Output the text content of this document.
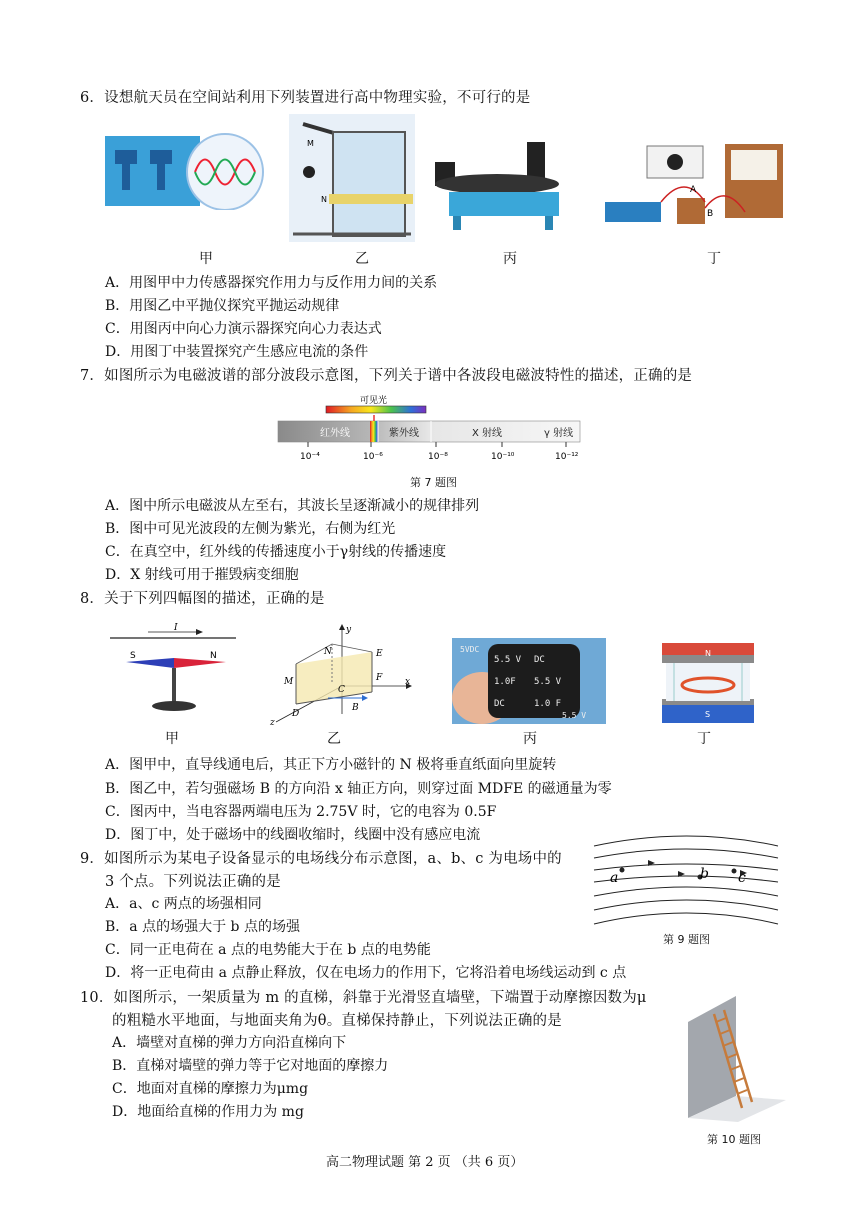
6．设想航天员在空间站利用下列装置进行高中物理实验，不可行的是
M
N
A
B
甲	乙	丙	丁
A．用图甲中力传感器探究作用力与反作用力间的关系
B．用图乙中平抛仪探究平抛运动规律
C．用图丙中向心力演示器探究向心力表达式
D．用图丁中装置探究产生感应电流的条件
7．如图所示为电磁波谱的部分波段示意图，下列关于谱中各波段电磁波特性的描述，正确的是
可见光
红外线	紫外线	X 射线	γ 射线
10⁻⁴	10⁻⁶	10⁻⁸	10⁻¹⁰	10⁻¹²
第 7 题图
A．图中所示电磁波从左至右，其波长呈逐渐减小的规律排列
B．图中可见光波段的左侧为紫光，右侧为红光
C．在真空中，红外线的传播速度小于γ射线的传播速度
D．X 射线可用于摧毁病变细胞
8．关于下列四幅图的描述，正确的是
I
S	N
y
x
z
N	E
M
C
F
D
B
5.5 V DC
1.0F 5.5 V
DC	1.0 F
5VDC
5.5 V
N
S
甲	乙	丙	丁
A．图甲中，直导线通电后，其正下方小磁针的 N 极将垂直纸面向里旋转
B．图乙中，若匀强磁场 B 的方向沿 x 轴正方向，则穿过面 MDFE 的磁通量为零
C．图丙中，当电容器两端电压为 2.75V 时，它的电容为 0.5F
D．图丁中，处于磁场中的线圈收缩时，线圈中没有感应电流
9．如图所示为某电子设备显示的电场线分布示意图，a、b、c 为电场中的
3 个点。下列说法正确的是	a	b c
第 9 题图
A．a、c 两点的场强相同
B．a 点的场强大于 b 点的场强
C．同一正电荷在 a 点的电势能大于在 b 点的电势能
D．将一正电荷由 a 点静止释放，仅在电场力的作用下，它将沿着电场线运动到 c 点
10．如图所示，一架质量为 m 的直梯，斜靠于光滑竖直墙壁，下端置于动摩擦因数为μ
的粗糙水平地面，与地面夹角为θ。直梯保持静止，下列说法正确的是
A．墙壁对直梯的弹力方向沿直梯向下
B．直梯对墙壁的弹力等于它对地面的摩擦力
C．地面对直梯的摩擦力为μmg
D．地面给直梯的作用力为 mg
第 10 题图
高二物理试题 第 2 页 （共 6 页）
